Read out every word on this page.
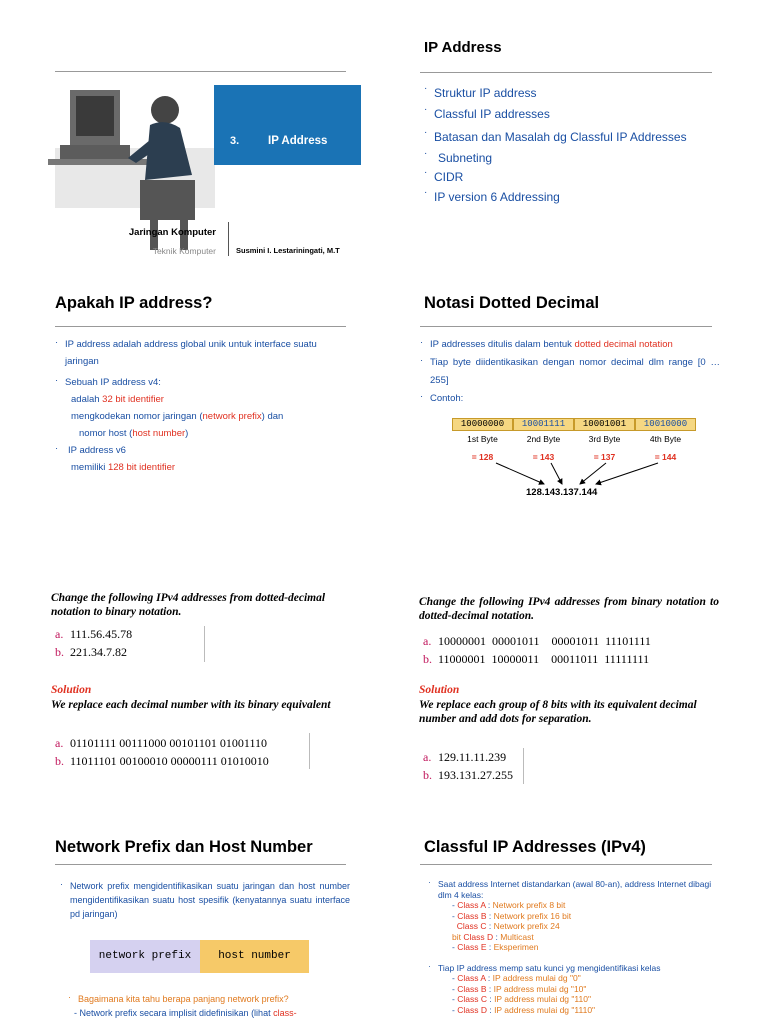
3.	IP Address
Jaringan Komputer
Teknik Komputer	Susmini I. Lestariningati, M.T
IP Address
· Struktur IP address
· Classful IP addresses
· Batasan dan Masalah dg Classful IP Addresses
· Subneting
· CIDR
· IP version 6 Addressing
Apakah IP address?
· IP address adalah address global unik untuk interface suatu jaringan
· Sebuah IP address v4:
adalah 32 bit identifier
mengkodekan nomor jaringan (network prefix) dan
nomor host (host number)
· IP address v6
memiliki 128 bit identifier
Notasi Dotted Decimal
· IP addresses ditulis dalam bentuk dotted decimal notation
· Tiap byte diidentikasikan dengan nomor decimal dlm range [0 … 255]
· Contoh:
10000000	10001111	10001001	10010000
1st Byte	2nd Byte	3rd Byte	4th Byte
= 128	= 143	= 137	= 144
128.143.137.144
Change the following IPv4 addresses from dotted-decimal notation to binary notation.
a. 111.56.45.78
b. 221.34.7.82
Solution
We replace each decimal number with its binary equivalent
a. 01101111 00111000 00101101 01001110
b. 11011101 00100010 00000111 01010010
Change the following IPv4 addresses from binary notation to dotted-decimal notation.
a. 10000001  00001011    00001011  11101111
b. 11000001  10000011    00011011  11111111
Solution
We replace each group of 8 bits with its equivalent decimal number and add dots for separation.
a. 129.11.11.239
b. 193.131.27.255
Network Prefix dan Host Number
· Network prefix mengidentifikasikan suatu jaringan dan host number mengidentifikasikan suatu host spesifik (kenyatannya suatu interface pd jaringan)
network prefix	host number
· Bagaimana kita tahu berapa panjang network prefix?
- Network prefix secara implisit didefinisikan (lihat class-
Classful IP Addresses (IPv4)
· Saat address Internet distandarkan (awal 80-an), address Internet dibagi dlm 4 kelas:
- Class A : Network prefix 8 bit
- Class B : Network prefix 16 bit
Class C : Network prefix 24
bit Class D : Multicast
- Class E : Eksperimen
· Tiap IP address memp satu kunci yg mengidentifikasi kelas
- Class A : IP address mulai dg "0"
- Class B : IP address mulai dg "10"
- Class C : IP address mulai dg "110"
- Class D : IP address mulai dg "1110"
